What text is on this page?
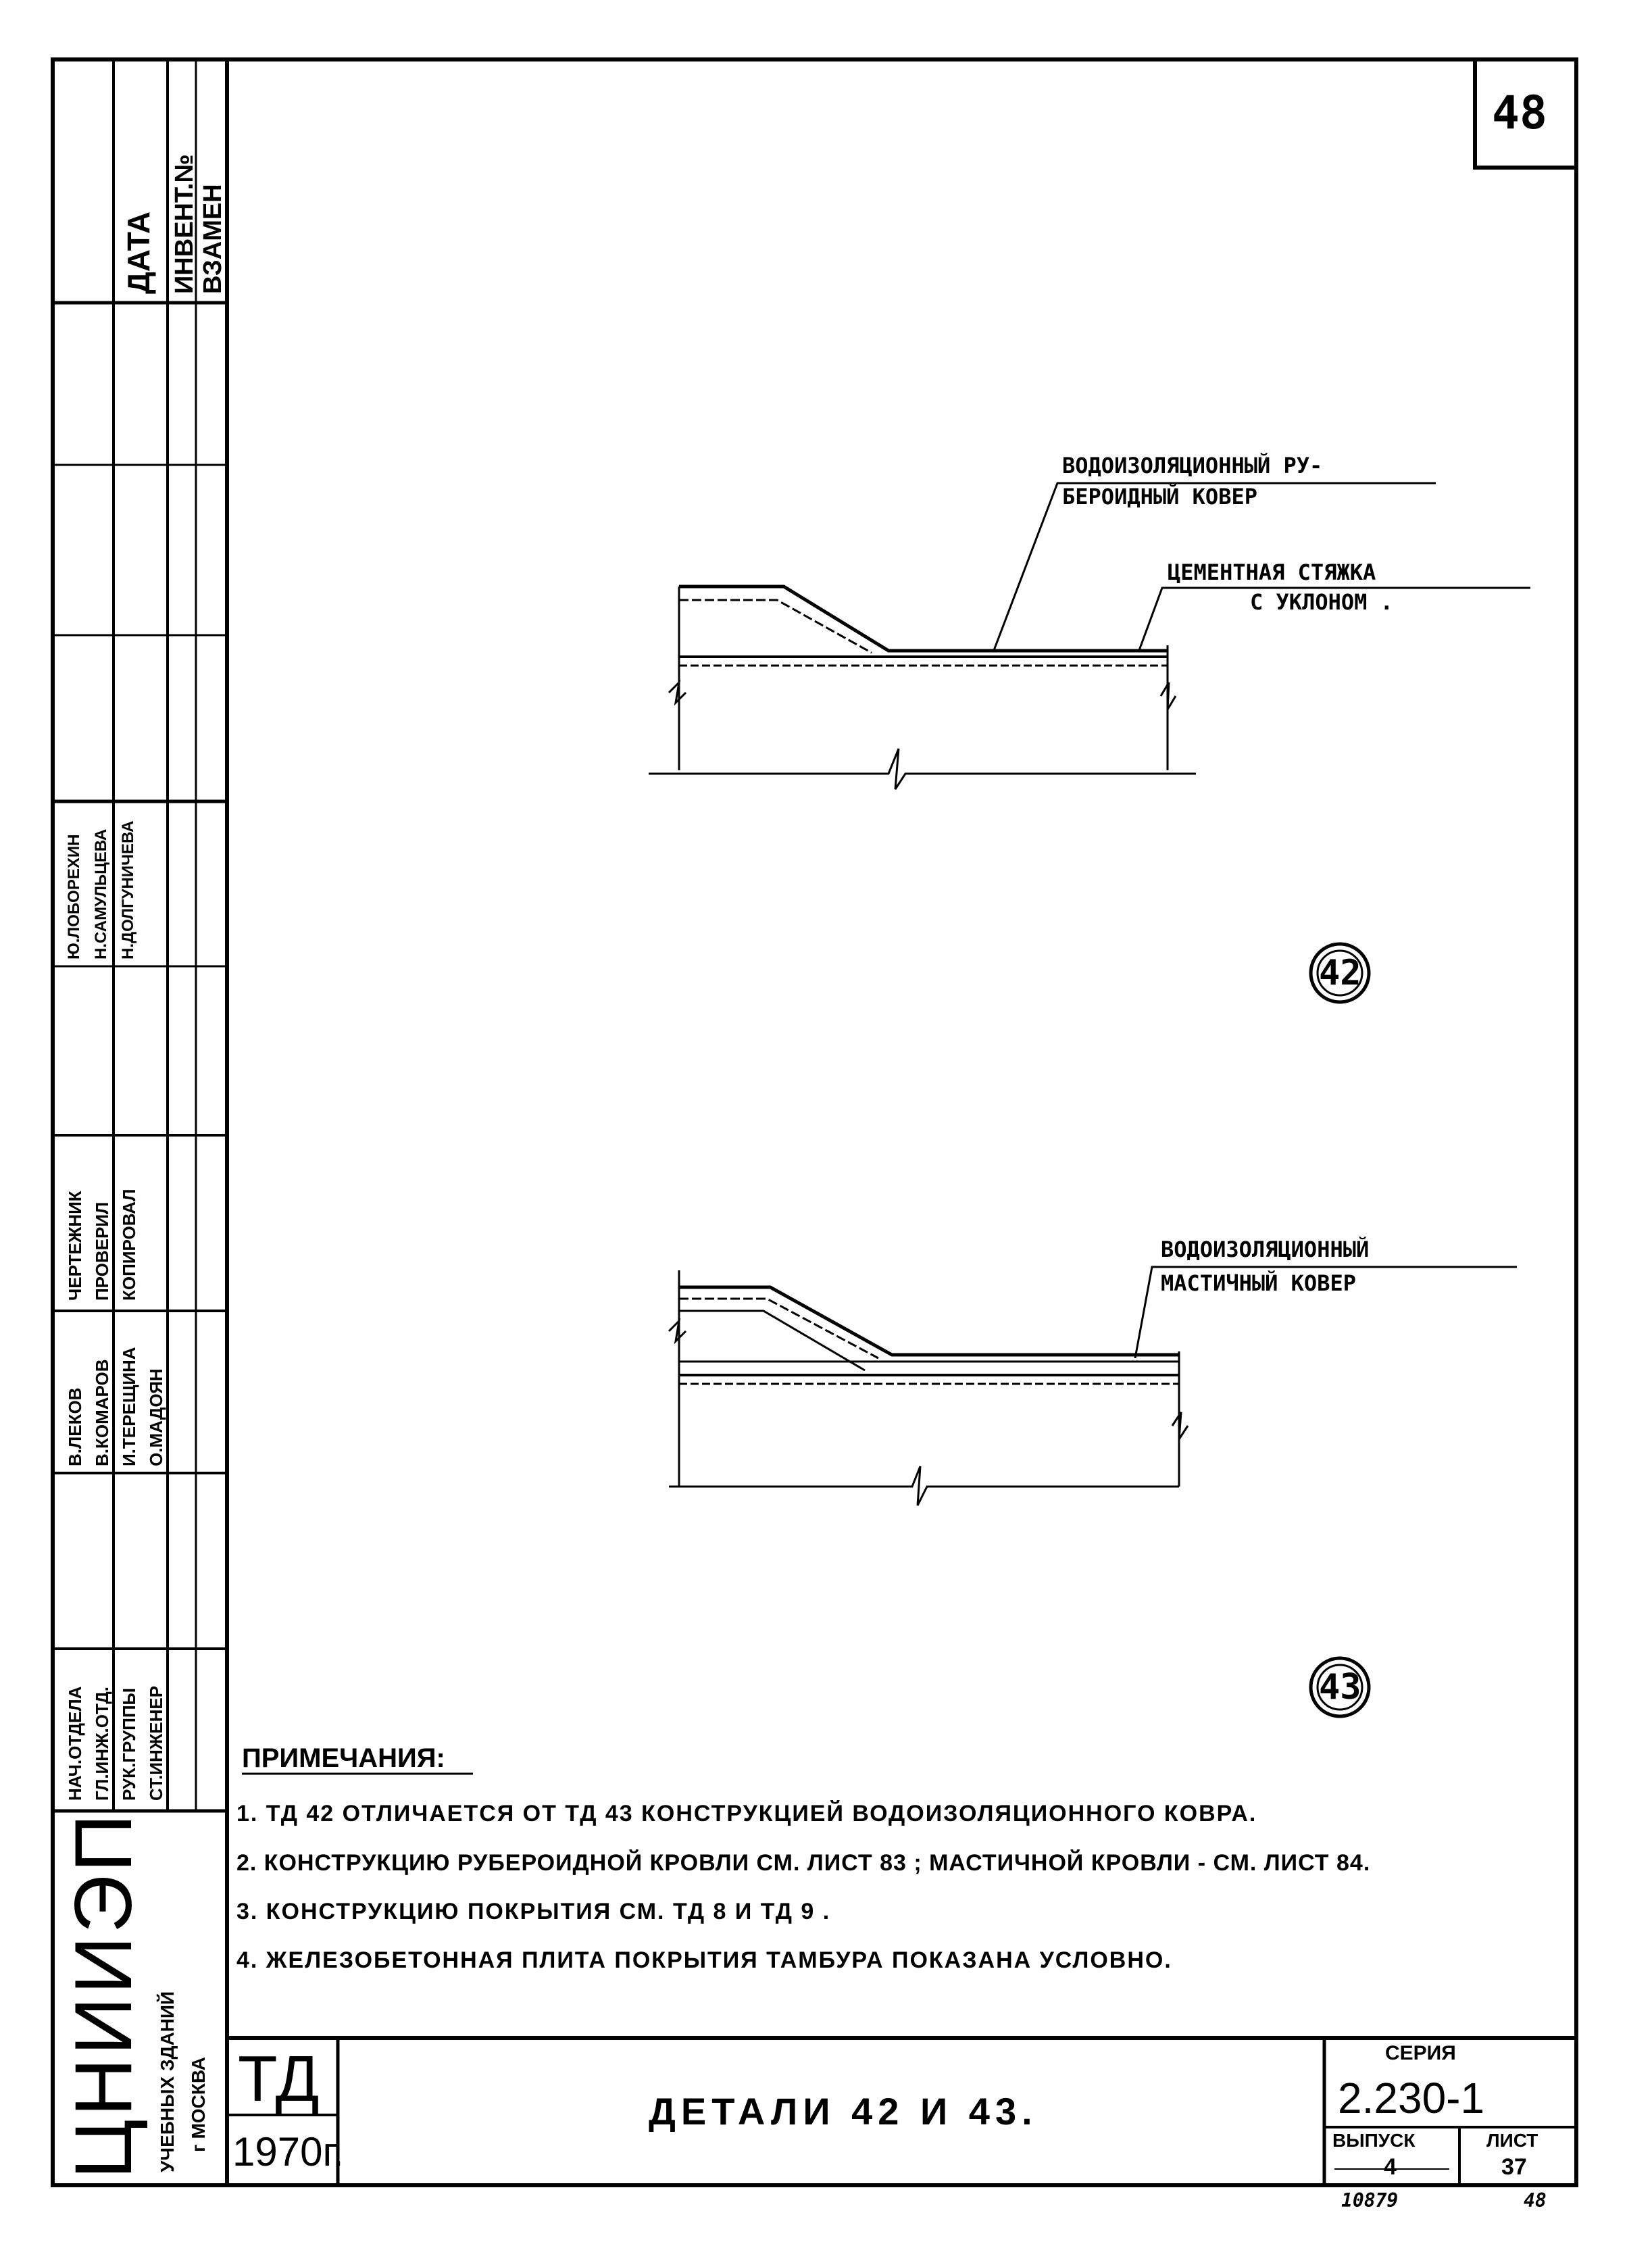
48
ДАТА ИНВЕНТ.№ ВЗАМЕН
НАЧ.ОТДЕЛА
В.ЛЕКОВ
ГЛ.ИНЖ.ОТД.
В.КОМАРОВ
РУК.ГРУППЫ
И.ТЕРЕЩИНА
СТ.ИНЖЕНЕР
О.МАДОЯН
ЧЕРТЕЖНИК ПРОВЕРИЛ КОПИРОВАЛ
Ю.ЛОБОРЕХИН Н.САМУЛЬЦЕВА Н.ДОЛГУНИЧЕВА
ЦНИИЭП УЧЕБНЫХ ЗДАНИЙ г МОСКВА
ВОДОИЗОЛЯЦИОННЫЙ РУ-
БЕРОИДНЫЙ КОВЕР
ЦЕМЕНТНАЯ СТЯЖКА
С УКЛОНОМ .
42
ВОДОИЗОЛЯЦИОННЫЙ
МАСТИЧНЫЙ КОВЕР
43
ПРИМЕЧАНИЯ:
1. ТД 42 ОТЛИЧАЕТСЯ ОТ ТД 43 КОНСТРУКЦИЕЙ ВОДОИЗОЛЯЦИОННОГО КОВРА.
2. КОНСТРУКЦИЮ РУБЕРОИДНОЙ КРОВЛИ СМ. ЛИСТ 83 ; МАСТИЧНОЙ КРОВЛИ - СМ. ЛИСТ 84.
3. КОНСТРУКЦИЮ ПОКРЫТИЯ СМ. ТД 8 И ТД 9 .
4. ЖЕЛЕЗОБЕТОННАЯ ПЛИТА ПОКРЫТИЯ ТАМБУРА ПОКАЗАНА УСЛОВНО.
ТД
1970г.
ДЕТАЛИ 42 И 43.
СЕРИЯ
2.230-1
ВЫПУСК
4
ЛИСТ
37
10879	48
